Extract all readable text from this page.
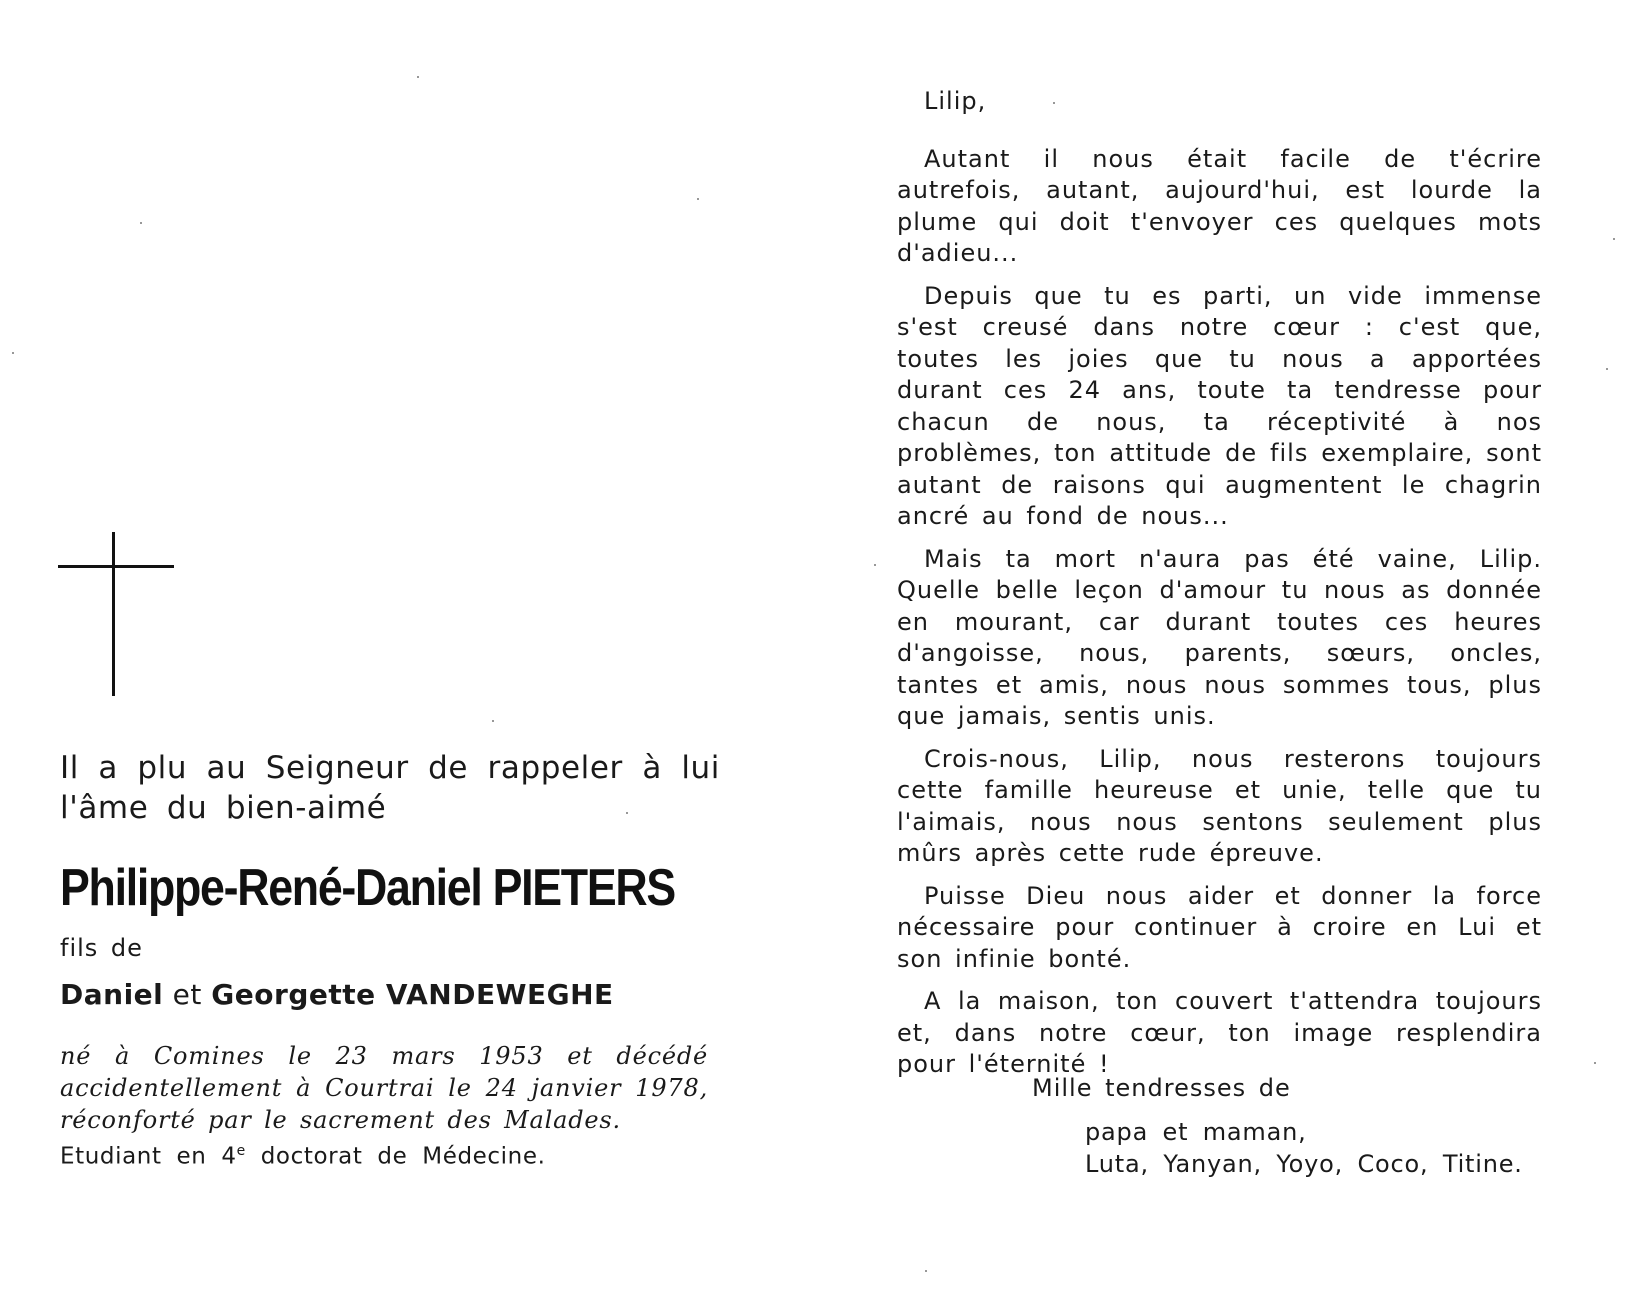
Il a plu au Seigneur de rappeler à lui l'âme du bien-aimé
Philippe-René-Daniel PIETERS
fils de
Daniel et Georgette VANDEWEGHE
né à Comines le 23 mars 1953 et décédé accidentellement à Courtrai le 24 janvier 1978, réconforté par le sacrement des Malades.
Etudiant en 4e doctorat de Médecine.
Lilip,

Autant il nous était facile de t'écrire autrefois, autant, aujourd'hui, est lourde la plume qui doit t'envoyer ces quelques mots d'adieu...

Depuis que tu es parti, un vide immense s'est creusé dans notre cœur : c'est que, toutes les joies que tu nous a apportées durant ces 24 ans, toute ta tendresse pour chacun de nous, ta réceptivité à nos problèmes, ton attitude de fils exemplaire, sont autant de raisons qui augmentent le chagrin ancré au fond de nous...

Mais ta mort n'aura pas été vaine, Lilip. Quelle belle leçon d'amour tu nous as donnée en mourant, car durant toutes ces heures d'angoisse, nous, parents, sœurs, oncles, tantes et amis, nous nous sommes tous, plus que jamais, sentis unis.

Crois-nous, Lilip, nous resterons toujours cette famille heureuse et unie, telle que tu l'aimais, nous nous sentons seulement plus mûrs après cette rude épreuve.

Puisse Dieu nous aider et donner la force nécessaire pour continuer à croire en Lui et son infinie bonté.

A la maison, ton couvert t'attendra toujours et, dans notre cœur, ton image resplendira pour l'éternité !

Mille tendresses de
papa et maman,
Luta, Yanyan, Yoyo, Coco, Titine.
